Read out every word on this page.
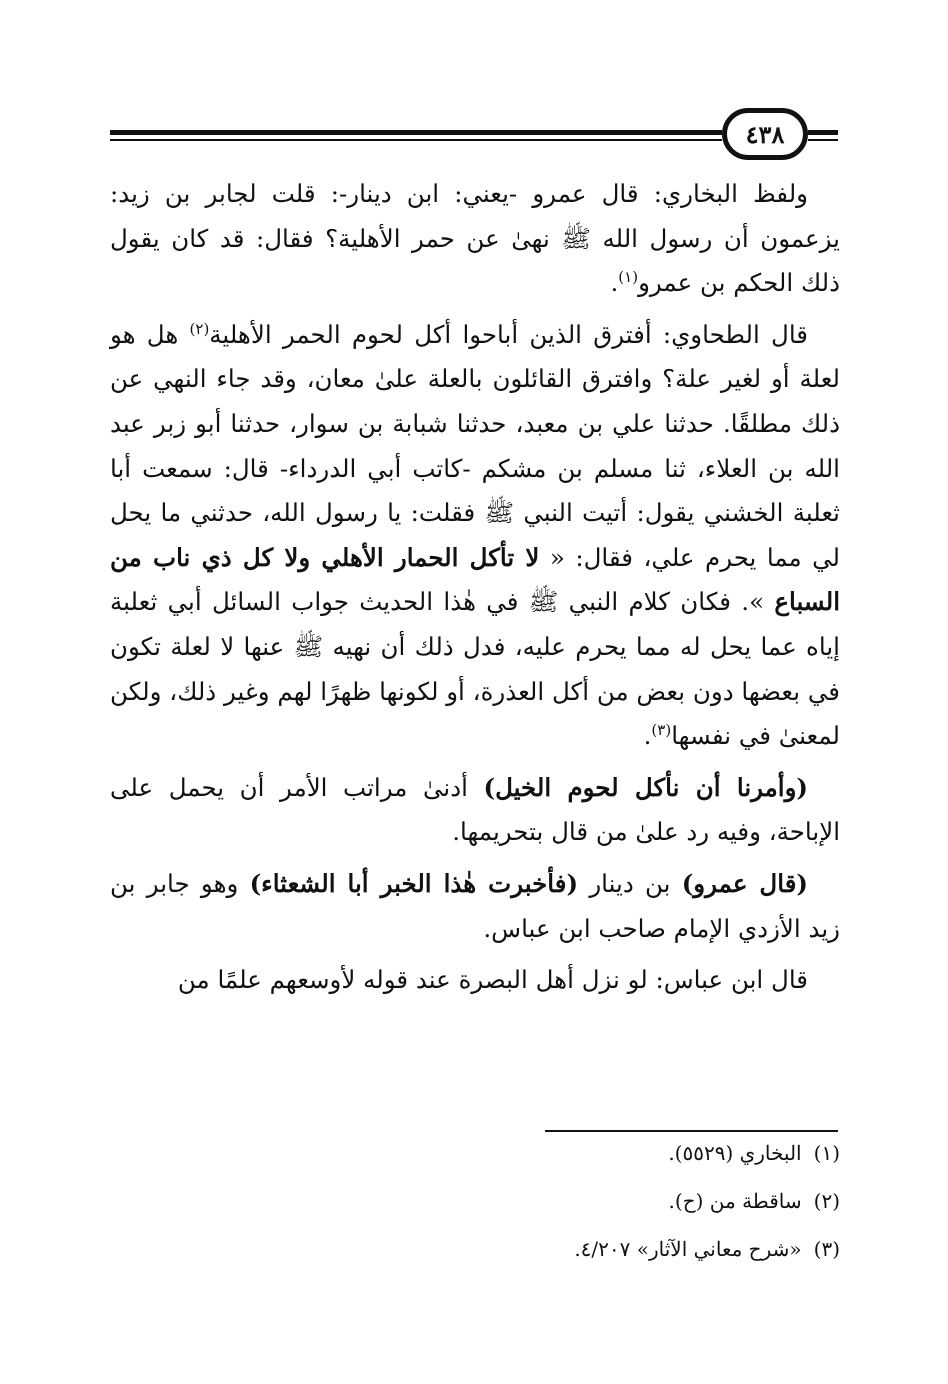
٤٣٨

ولفظ البخاري: قال عمرو -يعني: ابن دينار-: قلت لجابر بن زيد: يزعمون أن رسول الله ﷺ نهىٰ عن حمر الأهلية؟ فقال: قد كان يقول ذلك الحكم بن عمرو$^{(١)}$.

قال الطحاوي: أفترق الذين أباحوا أكل لحوم الحمر الأهلية$^{(٢)}$ هل هو لعلة أو لغير علة؟ وافترق القائلون بالعلة علىٰ معان، وقد جاء النهي عن ذلك مطلقًا. حدثنا علي بن معبد، حدثنا شبابة بن سوار، حدثنا أبو زبر عبد الله بن العلاء، ثنا مسلم بن مشكم -كاتب أبي الدرداء- قال: سمعت أبا ثعلبة الخشني يقول: أتيت النبي ﷺ فقلت: يا رسول الله، حدثني ما يحل لي مما يحرم علي، فقال: « لا تأكل الحمار الأهلي ولا كل ذي ناب من السباع ». فكان كلام النبي ﷺ في هٰذا الحديث جواب السائل أبي ثعلبة إياه عما يحل له مما يحرم عليه، فدل ذلك أن نهيه ﷺ عنها لا لعلة تكون في بعضها دون بعض من أكل العذرة، أو لكونها ظهرًا لهم وغير ذلك، ولكن لمعنىٰ في نفسها$^{(٣)}$.

(وأمرنا أن نأكل لحوم الخيل) أدنىٰ مراتب الأمر أن يحمل على الإباحة، وفيه رد علىٰ من قال بتحريمها.

(قال عمرو) بن دينار (فأخبرت هٰذا الخبر أبا الشعثاء) وهو جابر بن زيد الأزدي الإمام صاحب ابن عباس.

قال ابن عباس: لو نزل أهل البصرة عند قوله لأوسعهم علمًا من

(١)البخاري (٥٥٢٩).

(٢)ساقطة من (ح).

(٣)«شرح معاني الآثار» ٤/٢٠٧.
